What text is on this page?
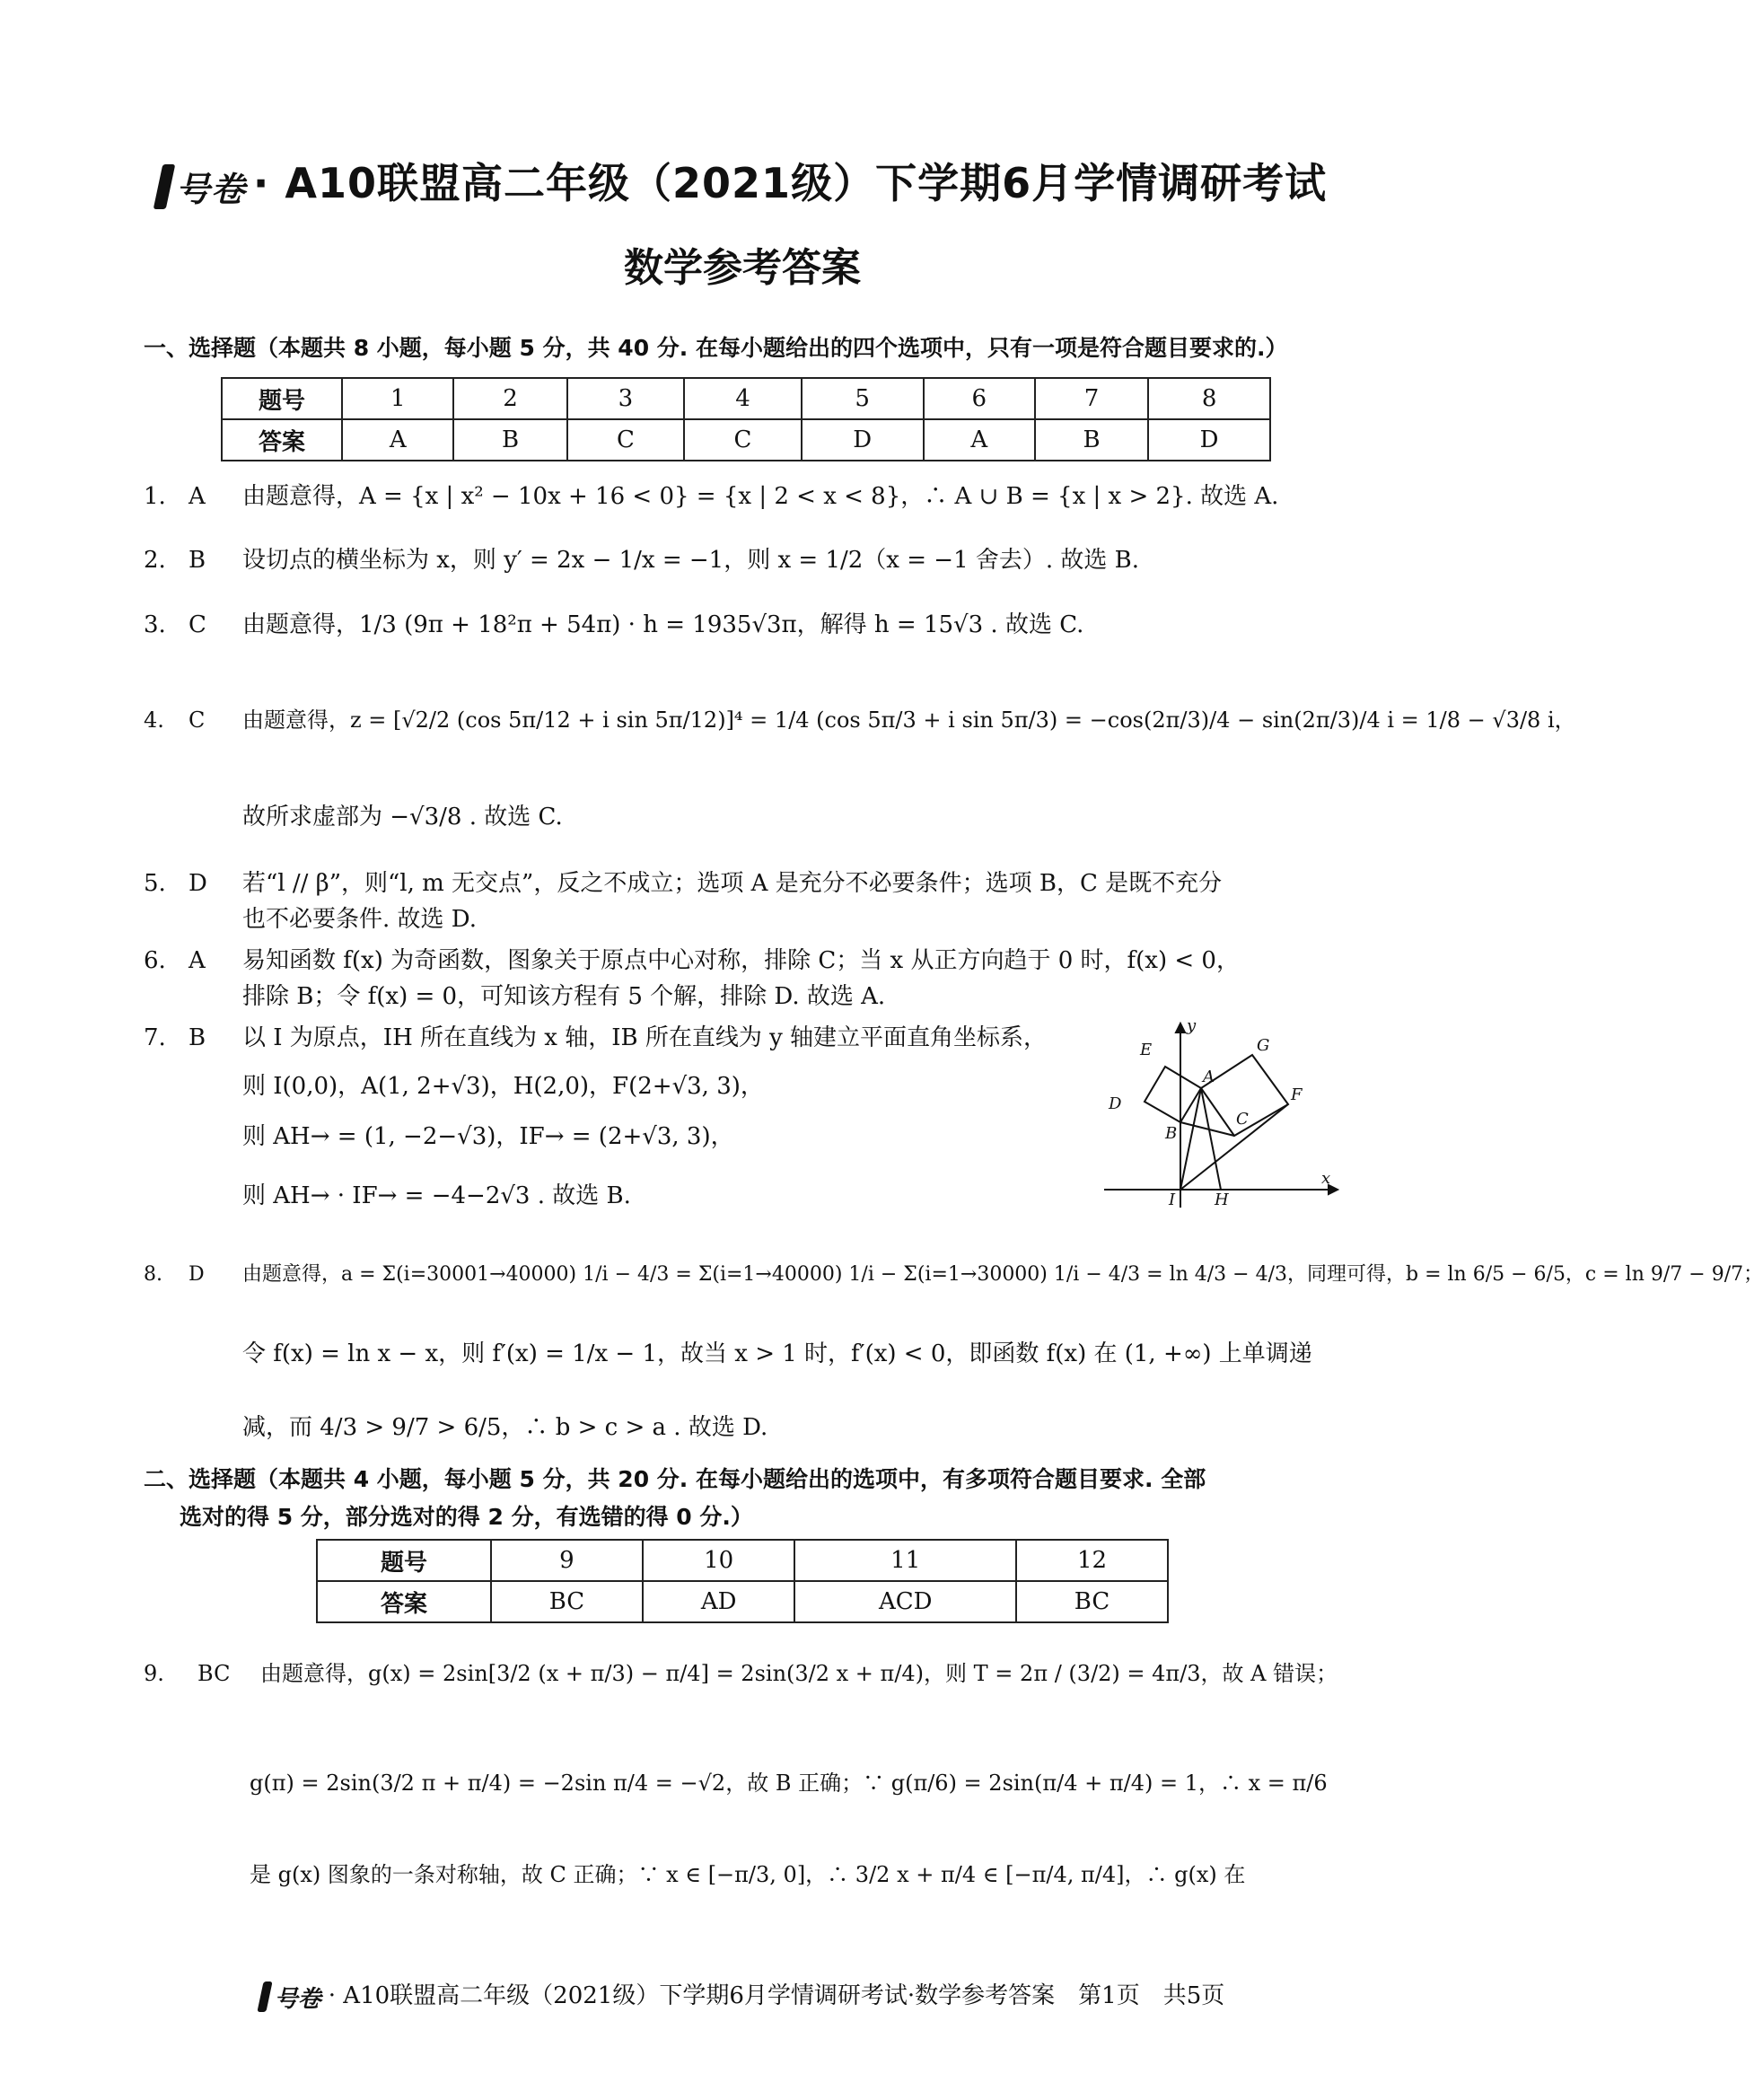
号卷 · A10联盟高二年级（2021级）下学期6月学情调研考试
数学参考答案
一、选择题（本题共 8 小题，每小题 5 分，共 40 分. 在每小题给出的四个选项中，只有一项是符合题目要求的.）
题号	1	2	3	4	5	6	7	8
答案	A	B	C	C	D	A	B	D
1. A 由题意得，A = {x | x² − 10x + 16 < 0} = {x | 2 < x < 8}，∴ A ∪ B = {x | x > 2}. 故选 A.
2. B 设切点的横坐标为 x，则 y′ = 2x − 1/x = −1，则 x = 1/2（x = −1 舍去）. 故选 B.
3. C 由题意得，1/3 (9π + 18²π + 54π) · h = 1935√3π，解得 h = 15√3 . 故选 C.
4. C 由题意得，z = [√2/2 (cos 5π/12 + i sin 5π/12)]⁴ = 1/4 (cos 5π/3 + i sin 5π/3) = −cos(2π/3)/4 − sin(2π/3)/4 i = 1/8 − √3/8 i，
故所求虚部为 −√3/8 . 故选 C.
5. D 若“l // β”，则“l, m 无交点”，反之不成立；选项 A 是充分不必要条件；选项 B，C 是既不充分
也不必要条件. 故选 D.
6. A 易知函数 f(x) 为奇函数，图象关于原点中心对称，排除 C；当 x 从正方向趋于 0 时，f(x) < 0，
排除 B；令 f(x) = 0，可知该方程有 5 个解，排除 D. 故选 A.
7. B 以 I 为原点，IH 所在直线为 x 轴，IB 所在直线为 y 轴建立平面直角坐标系，
则 I(0,0)，A(1, 2+√3)，H(2,0)，F(2+√3, 3)，
则 AH→ = (1, −2−√3)，IF→ = (2+√3, 3)，
则 AH→ · IF→ = −4−2√3 . 故选 B.
8. D 由题意得，a = Σ(i=30001→40000) 1/i − 4/3 = Σ(i=1→40000) 1/i − Σ(i=1→30000) 1/i − 4/3 = ln 4/3 − 4/3，同理可得，b = ln 6/5 − 6/5，c = ln 9/7 − 9/7；
令 f(x) = ln x − x，则 f′(x) = 1/x − 1，故当 x > 1 时，f′(x) < 0，即函数 f(x) 在 (1, +∞) 上单调递
减，而 4/3 > 9/7 > 6/5，∴ b > c > a . 故选 D.
E
y
A
G
D
C
F
B
I H
x
二、选择题（本题共 4 小题，每小题 5 分，共 20 分. 在每小题给出的选项中，有多项符合题目要求. 全部
选对的得 5 分，部分选对的得 2 分，有选错的得 0 分.）
题号	9	10	11	12
答案	BC	AD	ACD	BC
9. BC 由题意得，g(x) = 2sin[3/2 (x + π/3) − π/4] = 2sin(3/2 x + π/4)，则 T = 2π / (3/2) = 4π/3，故 A 错误；
g(π) = 2sin(3/2 π + π/4) = −2sin π/4 = −√2，故 B 正确；∵ g(π/6) = 2sin(π/4 + π/4) = 1，∴ x = π/6
是 g(x) 图象的一条对称轴，故 C 正确；∵ x ∈ [−π/3, 0]，∴ 3/2 x + π/4 ∈ [−π/4, π/4]，∴ g(x) 在
号卷 · A10联盟高二年级（2021级）下学期6月学情调研考试·数学参考答案　第1页　共5页
